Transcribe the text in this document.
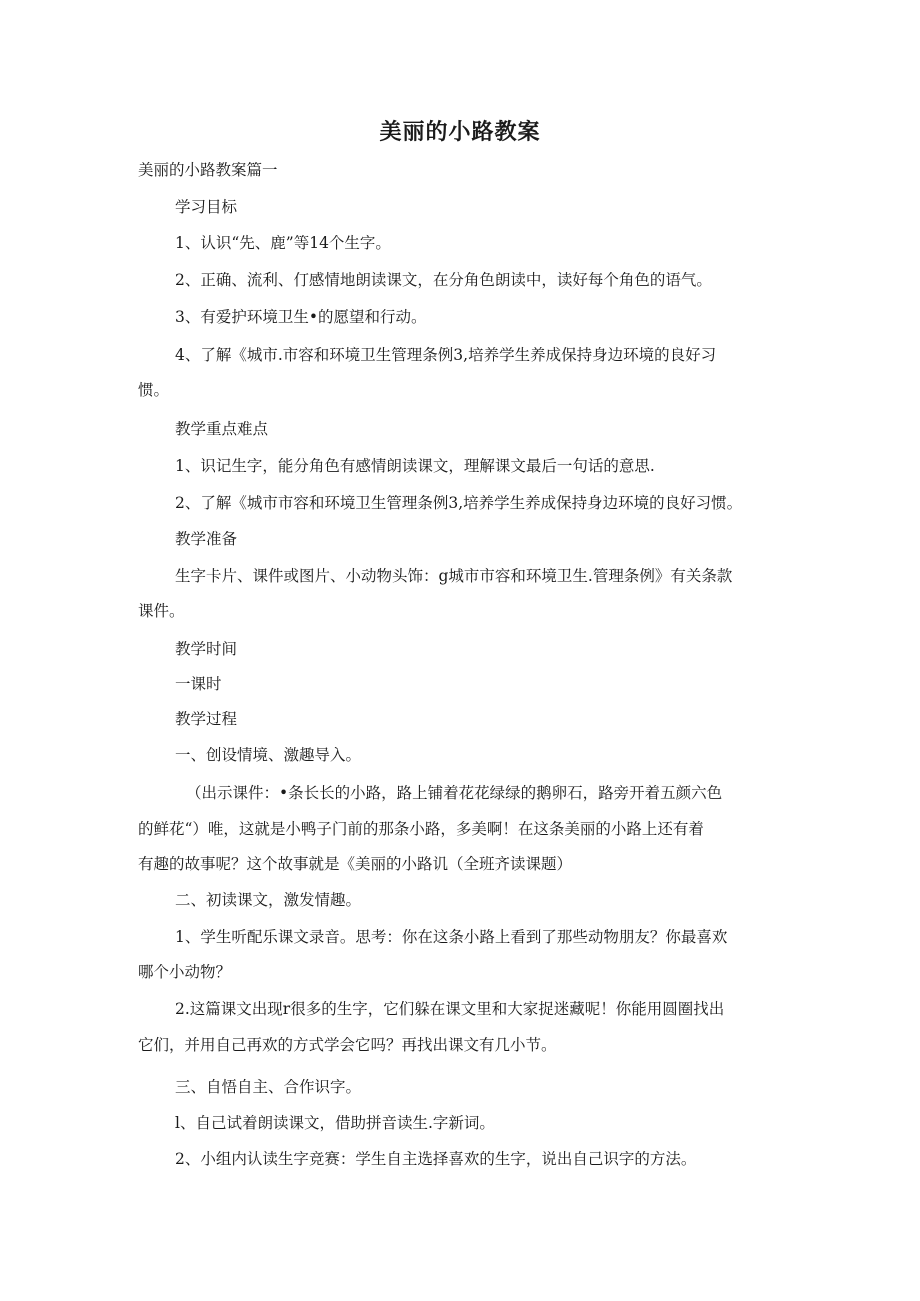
美丽的小路教案

美丽的小路教案篇一

学习目标

1、认识“先、鹿”等14个生字。

2、正确、流利、仃感情地朗读课文，在分角色朗读中，读好每个角色的语气。

3、有爱护环境卫生•的愿望和行动。

4、了解《城市.市容和环境卫生管理条例3,培养学生养成保持身边环境的良好习

惯。

教学重点难点

1、识记生字，能分角色有感情朗读课文，理解课文最后一句话的意思.

2、了解《城市市容和环境卫生管理条例3,培养学生养成保持身边环境的良好习惯。

教学准备

生字卡片、课件或图片、小动物头饰：g城市市容和环境卫生.管理条例》有关条款

课件。

教学时间

一课时

教学过程

一、创设情境、激趣导入。

（出示课件：•条长长的小路，路上铺着花花绿绿的鹅卵石，路旁开着五颜六色

的鲜花“）唯，这就是小鸭子门前的那条小路，多美啊！在这条美丽的小路上还有着

有趣的故事呢？这个故事就是《美丽的小路讥（全班齐读课题）

二、初读课文，激发情趣。

1、学生听配乐课文录音。思考：你在这条小路上看到了那些动物朋友？你最喜欢

哪个小动物？

2.这篇课文出现r很多的生字，它们躲在课文里和大家捉迷藏呢！你能用圆圈找出

它们，并用自己再欢的方式学会它吗？再找出课文有几小节。

三、自悟自主、合作识字。

l、自己试着朗读课文，借助拼音读生.字新词。

2、小组内认读生字竞赛：学生自主选择喜欢的生字，说出自己识字的方法。
